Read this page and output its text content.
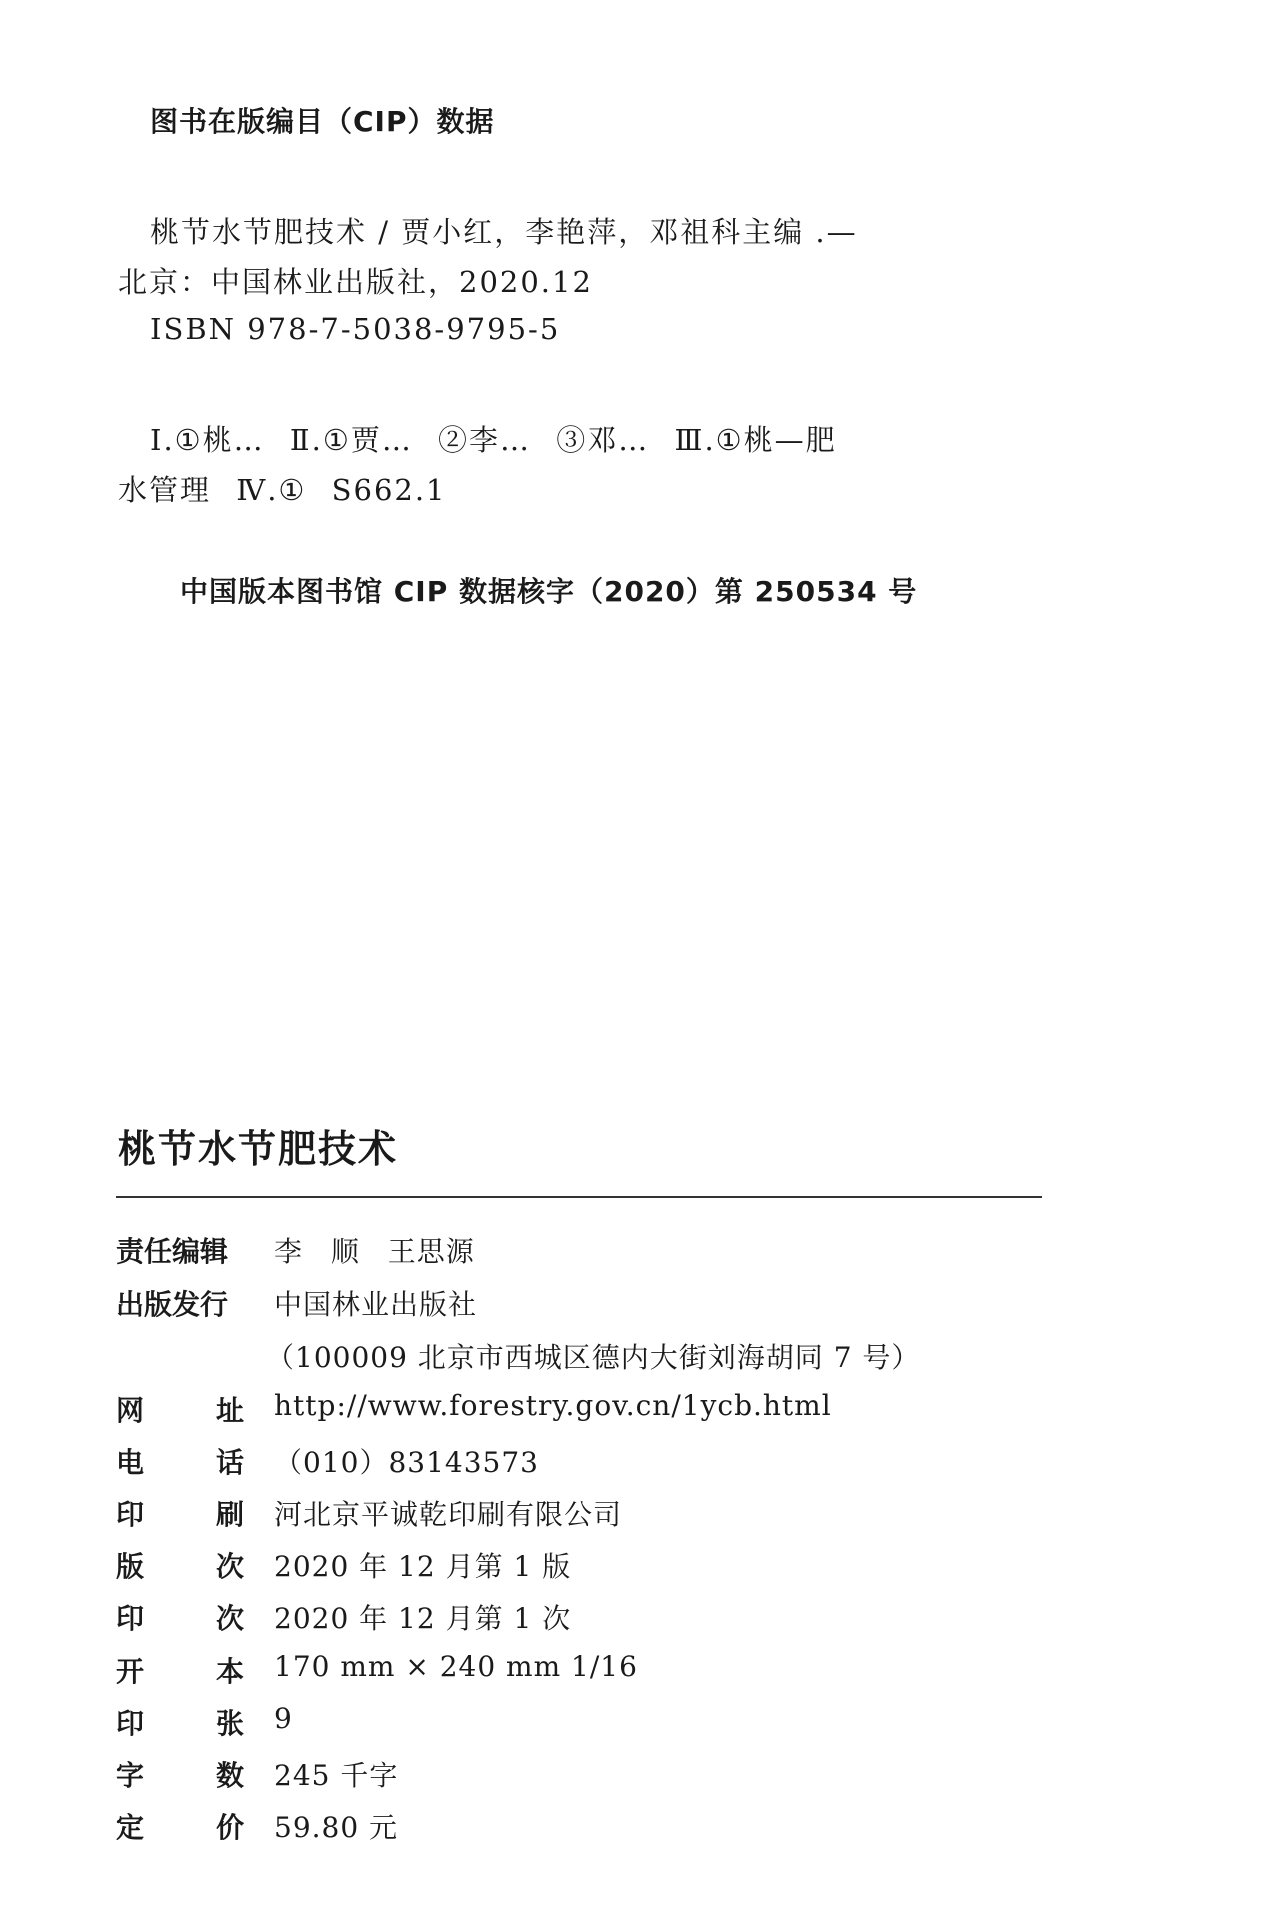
图书在版编目（CIP）数据
桃节水节肥技术 / 贾小红，李艳萍，邓祖科主编 .—
北京：中国林业出版社，2020.12
ISBN 978-7-5038-9795-5
Ⅰ.①桃… Ⅱ.①贾… ②李… ③邓… Ⅲ.①桃—肥
水管理 Ⅳ.① S662.1
中国版本图书馆 CIP 数据核字（2020）第 250534 号
桃节水节肥技术
责任编辑 李 顺 王思源
出版发行 中国林业出版社
（100009 北京市西城区德内大街刘海胡同 7 号）
网	址 http://www.forestry.gov.cn/1ycb.html
电	话 （010）83143573
印	刷 河北京平诚乾印刷有限公司
版	次 2020 年 12 月第 1 版
印	次 2020 年 12 月第 1 次
开	本 170 mm × 240 mm 1/16
印	张 9
字	数 245 千字
定	价 59.80 元
